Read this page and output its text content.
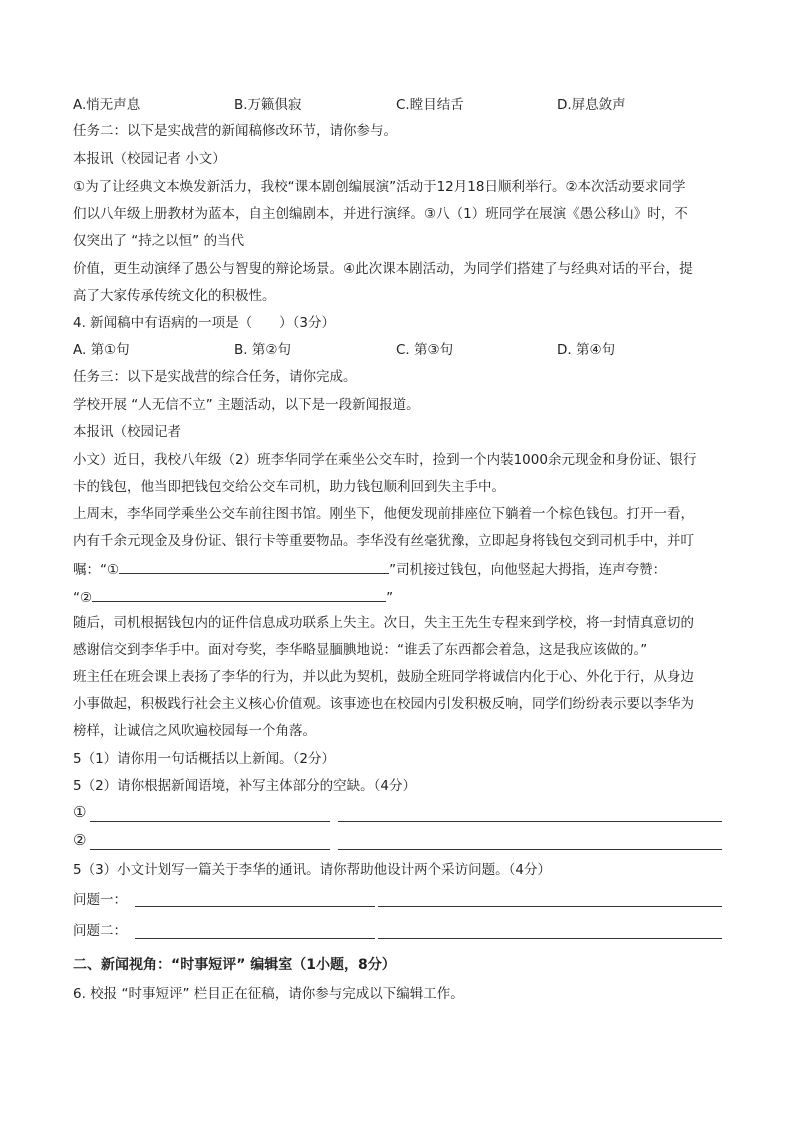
A.悄无声息	B.万籁俱寂	C.瞠目结舌	D.屏息敛声
任务二：以下是实战营的新闻稿修改环节，请你参与。
本报讯（校园记者 小文）
①为了让经典文本焕发新活力，我校“课本剧创编展演”活动于12月18日顺利举行。②本次活动要求同学
们以八年级上册教材为蓝本，自主创编剧本，并进行演绎。③八（1）班同学在展演《愚公移山》时，不
仅突出了 “持之以恒” 的当代
价值，更生动演绎了愚公与智叟的辩论场景。④此次课本剧活动，为同学们搭建了与经典对话的平台，提
高了大家传承传统文化的积极性。
4. 新闻稿中有语病的一项是（　　）（3分）
A. 第①句	B. 第②句	C. 第③句	D. 第④句
任务三：以下是实战营的综合任务，请你完成。
学校开展 “人无信不立” 主题活动，以下是一段新闻报道。
本报讯（校园记者
小文）近日，我校八年级（2）班李华同学在乘坐公交车时，捡到一个内装1000余元现金和身份证、银行
卡的钱包，他当即把钱包交给公交车司机，助力钱包顺利回到失主手中。
上周末，李华同学乘坐公交车前往图书馆。刚坐下，他便发现前排座位下躺着一个棕色钱包。打开一看，
内有千余元现金及身份证、银行卡等重要物品。李华没有丝毫犹豫，立即起身将钱包交到司机手中，并叮
嘱：“①	”司机接过钱包，向他竖起大拇指，连声夸赞：
“②	”
随后，司机根据钱包内的证件信息成功联系上失主。次日，失主王先生专程来到学校，将一封情真意切的
感谢信交到李华手中。面对夸奖，李华略显腼腆地说：“谁丢了东西都会着急，这是我应该做的。”
班主任在班会课上表扬了李华的行为，并以此为契机，鼓励全班同学将诚信内化于心、外化于行，从身边
小事做起，积极践行社会主义核心价值观。该事迹也在校园内引发积极反响，同学们纷纷表示要以李华为
榜样，让诚信之风吹遍校园每一个角落。
5（1）请你用一句话概括以上新闻。（2分）
5（2）请你根据新闻语境，补写主体部分的空缺。（4分）
①
②
5（3）小文计划写一篇关于李华的通讯。请你帮助他设计两个采访问题。（4分）
问题一：
问题二：
二、新闻视角：“时事短评” 编辑室（1小题，8分）
6. 校报 “时事短评” 栏目正在征稿，请你参与完成以下编辑工作。
